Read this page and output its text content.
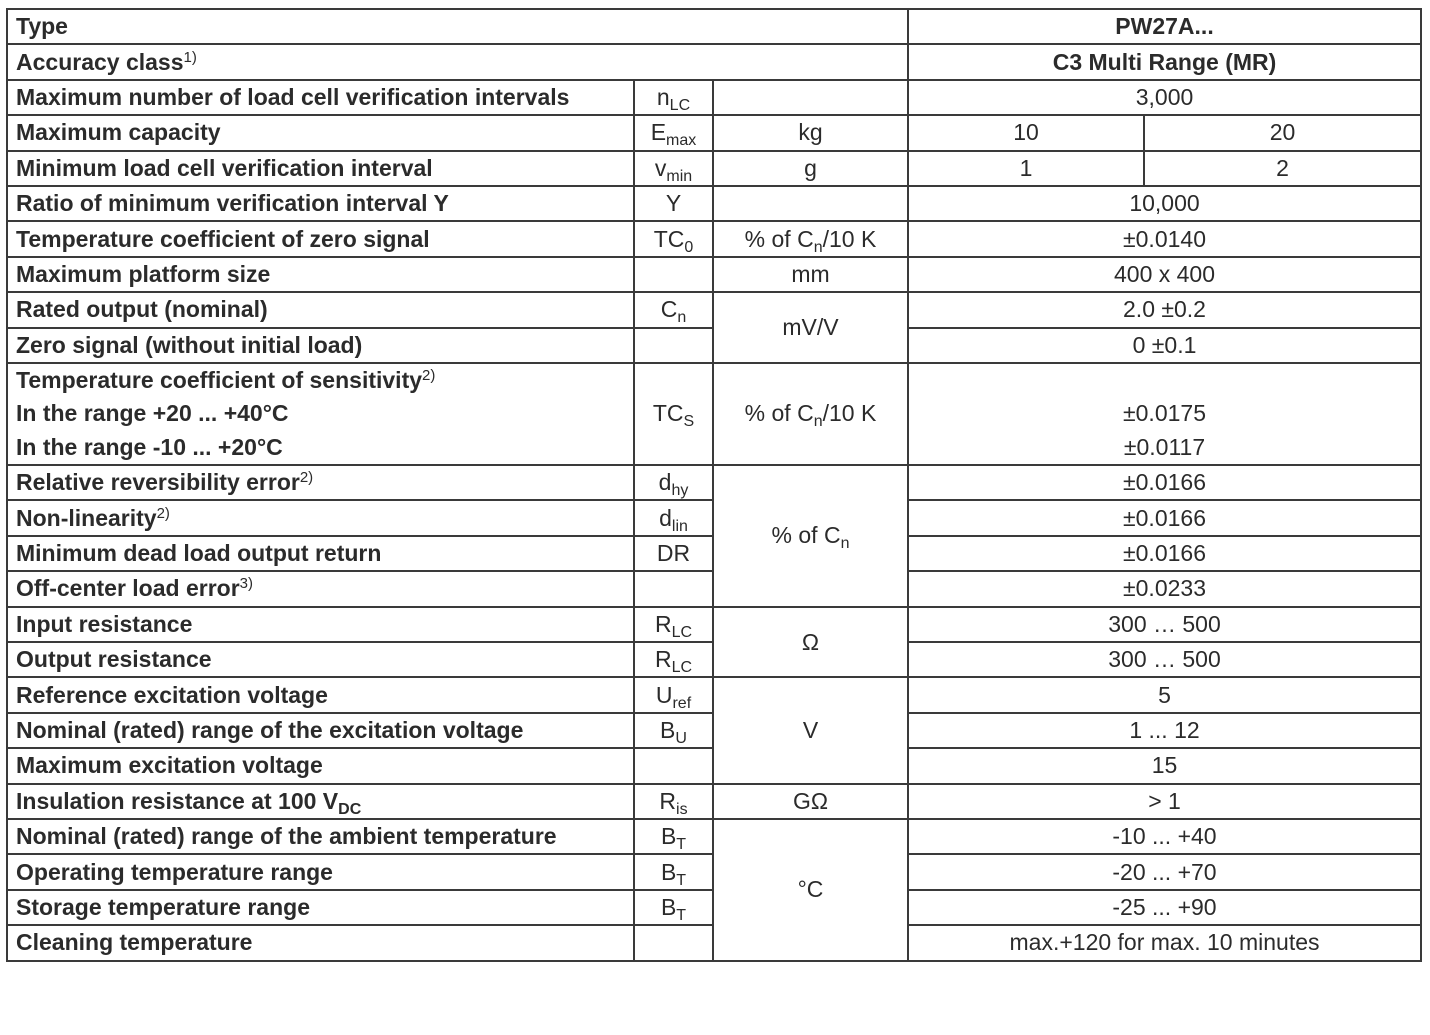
Type			PW27A...	
Accuracy class$^{1)}$			C3 Multi Range (MR)	
Maximum number of load cell verification intervals	$n_{LC}$		3,000	
Maximum capacity	$E_{max}$	kg	10	20
Minimum load cell verification interval	$v_{min}$	g	1	2
Ratio of minimum verification interval Y	Y		10,000	
Temperature coefficient of zero signal	$TC_0$	% of $C_n/10$ K	±0.0140	
Maximum platform size		mm	400 x 400	
Rated output (nominal)	$C_n$	mV/V	2.0 ±0.2	
Zero signal (without initial load)			0 ±0.1	
Temperature coefficient of sensitivity$^{2)}$	$TC_S$	% of $C_n/10$ K		
In the range +20 ... +40°C			±0.0175	
In the range -10 ... +20°C			±0.0117	
Relative reversibility error$^{2)}$	$d_{hy}$	% of $C_n$	±0.0166	
Non-linearity$^{2)}$	$d_{lin}$		±0.0166	
Minimum dead load output return	DR		±0.0166	
Off-center load error$^{3)}$			±0.0233	
Input resistance	$R_{LC}$	Ω	300 … 500	
Output resistance	$R_{LC}$		300 … 500	
Reference excitation voltage	$U_{ref}$	V	5	
Nominal (rated) range of the excitation voltage	$B_U$		1 ... 12	
Maximum excitation voltage			15	
Insulation resistance at 100 $V_{DC}$	$R_{is}$	GΩ	> 1	
Nominal (rated) range of the ambient temperature	$B_T$	°C	-10 ... +40	
Operating temperature range	$B_T$		-20 ... +70	
Storage temperature range	$B_T$		-25 ... +90	
Cleaning temperature			max.+120 for max. 10 minutes	
